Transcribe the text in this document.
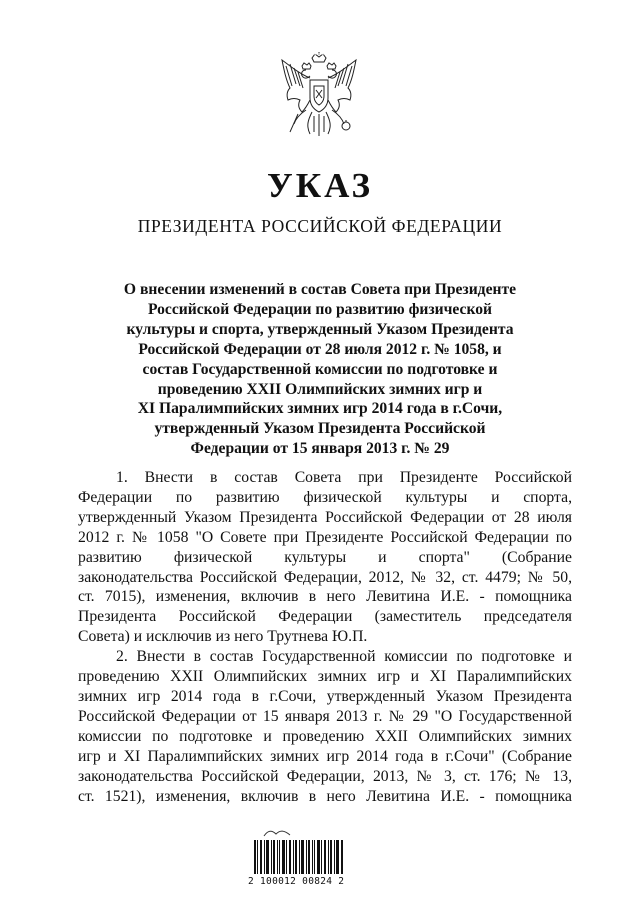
УКАЗ
ПРЕЗИДЕНТА РОССИЙСКОЙ ФЕДЕРАЦИИ
О внесении изменений в состав Совета при Президенте
Российской Федерации по развитию физической
культуры и спорта, утвержденный Указом Президента
Российской Федерации от 28 июля 2012 г. № 1058, и
состав Государственной комиссии по подготовке и
проведению XXII Олимпийских зимних игр и
XI Паралимпийских зимних игр 2014 года в г.Сочи,
утвержденный Указом Президента Российской
Федерации от 15 января 2013 г. № 29
1. Внести в состав Совета при Президенте Российской
Федерации по развитию физической культуры и спорта,
утвержденный Указом Президента Российской Федерации от 28 июля
2012 г. № 1058 "О Совете при Президенте Российской Федерации по
развитию физической культуры и спорта" (Собрание
законодательства Российской Федерации, 2012, № 32, ст. 4479; № 50,
ст. 7015), изменения, включив в него Левитина И.Е. - помощника
Президента Российской Федерации (заместитель председателя
Совета) и исключив из него Трутнева Ю.П.
2. Внести в состав Государственной комиссии по подготовке и
проведению XXII Олимпийских зимних игр и XI Паралимпийских
зимних игр 2014 года в г.Сочи, утвержденный Указом Президента
Российской Федерации от 15 января 2013 г. № 29 "О Государственной
комиссии по подготовке и проведению XXII Олимпийских зимних
игр и XI Паралимпийских зимних игр 2014 года в г.Сочи" (Собрание
законодательства Российской Федерации, 2013, № 3, ст. 176; № 13,
ст. 1521), изменения, включив в него Левитина И.Е. - помощника
2 100012 00824 2
